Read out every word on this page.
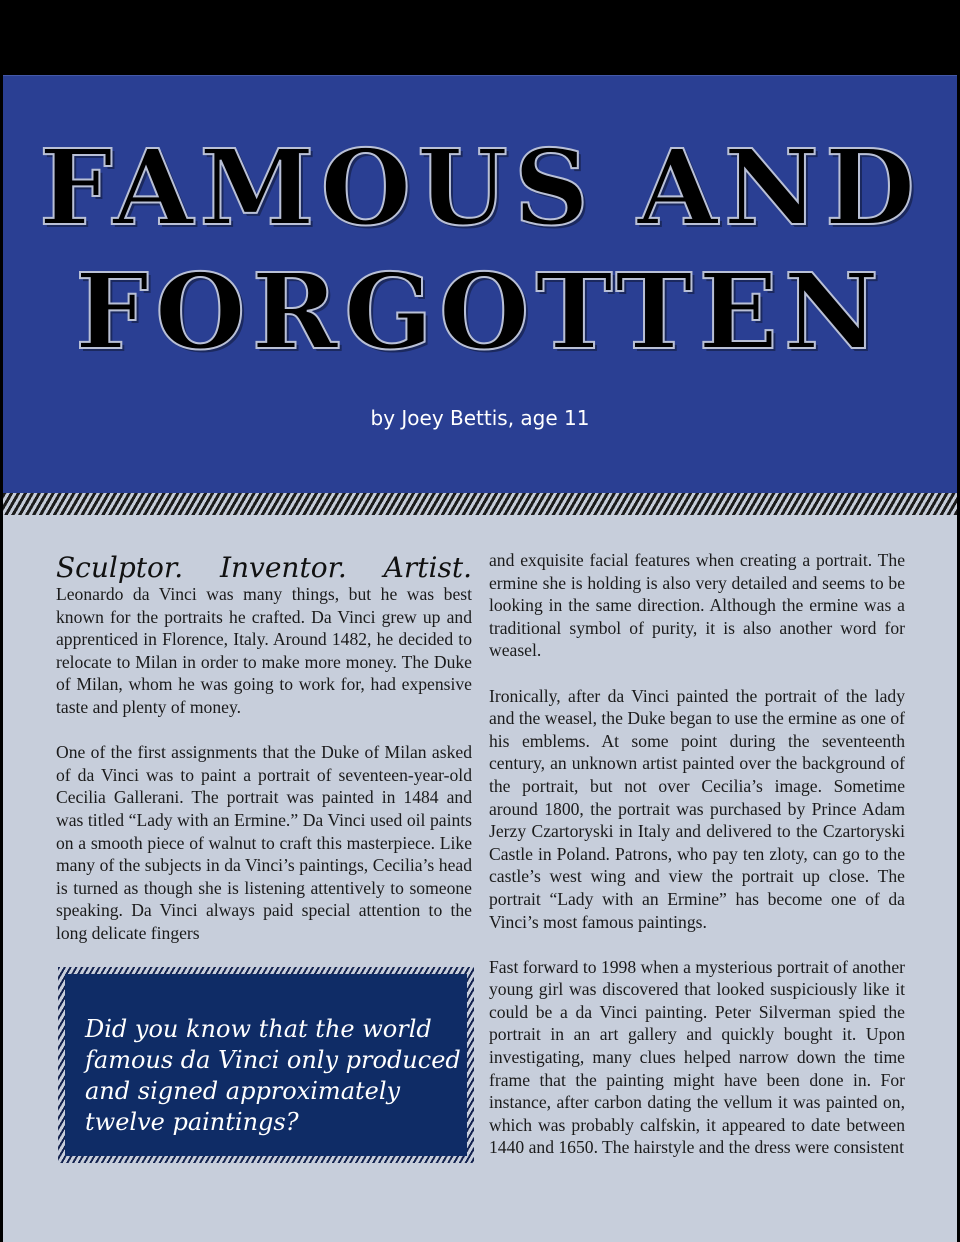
FAMOUS AND
FORGOTTEN
by Joey Bettis, age 11
Sculptor. Inventor. Artist.

Leonardo da Vinci was many things, but he was best known for the portraits he crafted. Da Vinci grew up and apprenticed in Florence, Italy. Around 1482, he decided to relocate to Milan in order to make more money. The Duke of Milan, whom he was going to work for, had expensive taste and plenty of money.

One of the first assignments that the Duke of Milan asked of da Vinci was to paint a portrait of seventeen-year-old Cecilia Gallerani. The portrait was painted in 1484 and was titled “Lady with an Ermine.” Da Vinci used oil paints on a smooth piece of walnut to craft this masterpiece. Like many of the subjects in da Vinci’s paintings, Cecilia’s head is turned as though she is listening attentively to someone speaking. Da Vinci always paid special attention to the long delicate fingers

Did you know that the world famous da Vinci only produced and signed approximately twelve paintings?

and exquisite facial features when creating a portrait. The ermine she is holding is also very detailed and seems to be looking in the same direction. Although the ermine was a traditional symbol of purity, it is also another word for weasel.

Ironically, after da Vinci painted the portrait of the lady and the weasel, the Duke began to use the ermine as one of his emblems. At some point during the seventeenth century, an unknown artist painted over the background of the portrait, but not over Cecilia’s image. Sometime around 1800, the portrait was purchased by Prince Adam Jerzy Czartoryski in Italy and delivered to the Czartoryski Castle in Poland. Patrons, who pay ten zloty, can go to the castle’s west wing and view the portrait up close. The portrait “Lady with an Ermine” has become one of da Vinci’s most famous paintings.

Fast forward to 1998 when a mysterious portrait of another young girl was discovered that looked suspiciously like it could be a da Vinci painting. Peter Silverman spied the portrait in an art gallery and quickly bought it. Upon investigating, many clues helped narrow down the time frame that the painting might have been done in. For instance, after carbon dating the vellum it was painted on, which was probably calfskin, it appeared to date between 1440 and 1650. The hairstyle and the dress were consistent
